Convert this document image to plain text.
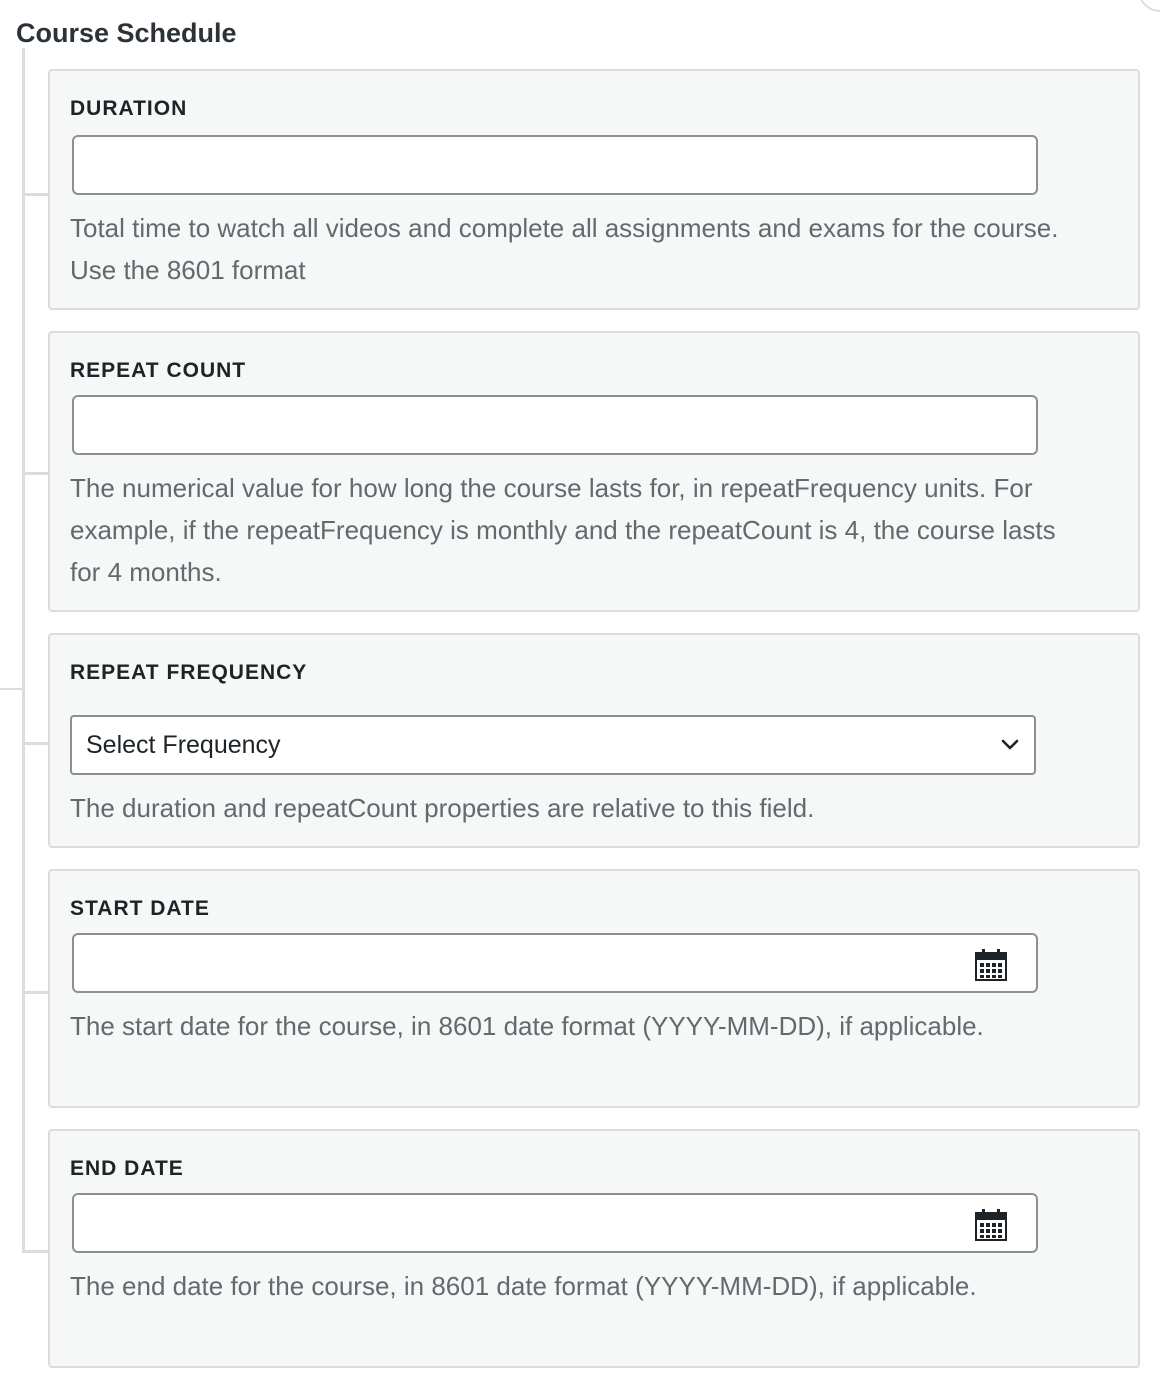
Course Schedule
DURATION

Total time to watch all videos and complete all assignments and exams for the course. Use the 8601 format

REPEAT COUNT

The numerical value for how long the course lasts for, in repeatFrequency units. For example, if the repeatFrequency is monthly and the repeatCount is 4, the course lasts for 4 months.

REPEAT FREQUENCY
Select Frequency

The duration and repeatCount properties are relative to this field.

START DATE

The start date for the course, in 8601 date format (YYYY-MM-DD), if applicable.

END DATE

The end date for the course, in 8601 date format (YYYY-MM-DD), if applicable.
